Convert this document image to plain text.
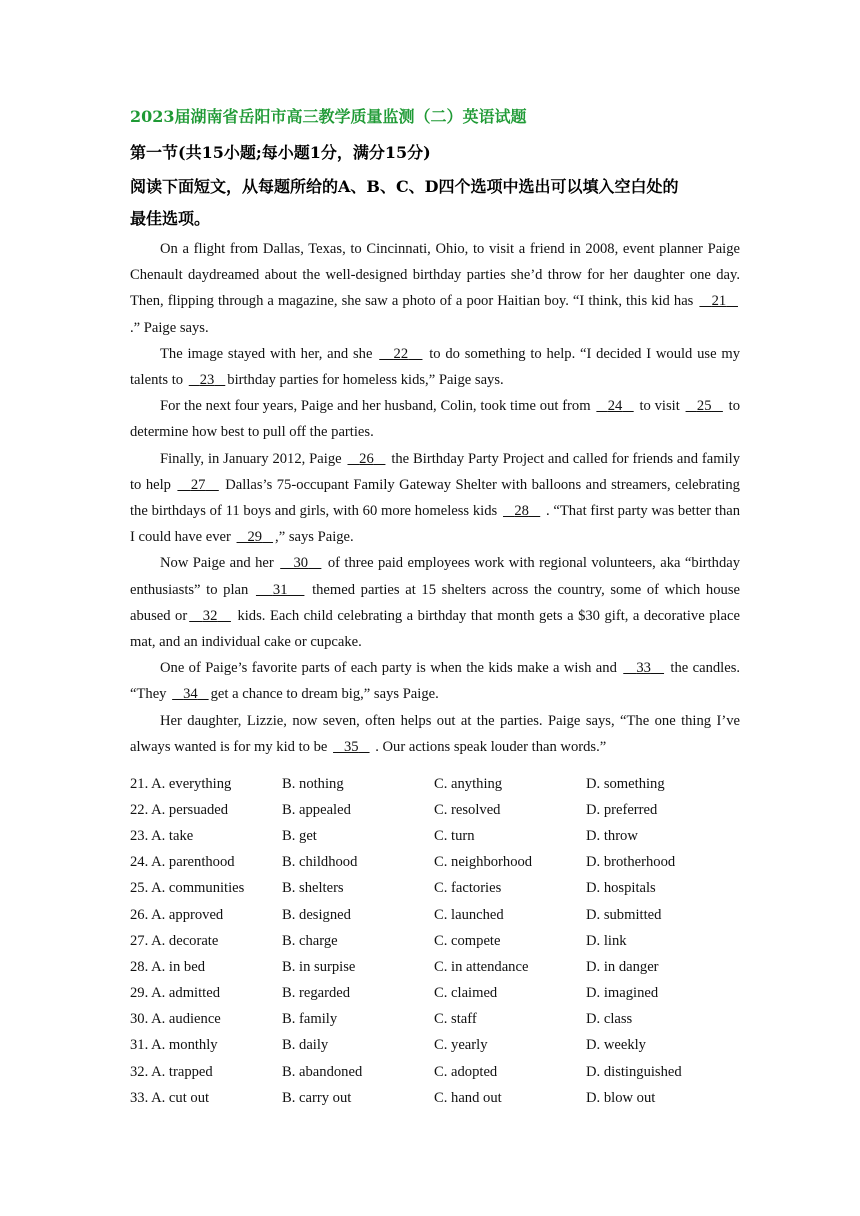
2023届湖南省岳阳市高三教学质量监测（二）英语试题
第一节(共15小题;每小题1分，满分15分)
阅读下面短文，从每题所给的A、B、C、D四个选项中选出可以填入空白处的
最佳选项。

On a flight from Dallas, Texas, to Cincinnati, Ohio, to visit a friend in 2008, event planner Paige Chenault daydreamed about the well-designed birthday parties she’d throw for her daughter one day. Then, flipping through a magazine, she saw a photo of a poor Haitian boy. “I think, this kid has 21 .” Paige says.

The image stayed with her, and she 22 to do something to help. “I decided I would use my talents to 23 birthday parties for homeless kids,” Paige says.

For the next four years, Paige and her husband, Colin, took time out from 24 to visit 25 to determine how best to pull off the parties.

Finally, in January 2012, Paige 26 the Birthday Party Project and called for friends and family to help 27 Dallas’s 75-occupant Family Gateway Shelter with balloons and streamers, celebrating the birthdays of 11 boys and girls, with 60 more homeless kids 28 . “That first party was better than I could have ever 29 ,” says Paige.

Now Paige and her 30 of three paid employees work with regional volunteers, aka “birthday enthusiasts” to plan 31 themed parties at 15 shelters across the country, some of which house abused or 32 kids. Each child celebrating a birthday that month gets a $30 gift, a decorative place mat, and an individual cake or cupcake.

One of Paige’s favorite parts of each party is when the kids make a wish and 33 the candles. “They 34 get a chance to dream big,” says Paige.

Her daughter, Lizzie, now seven, often helps out at the parties. Paige says, “The one thing I’ve always wanted is for my kid to be 35 . Our actions speak louder than words.”

21. A. everything	B. nothing	C. anything	D. something
22. A. persuaded	B. appealed	C. resolved	D. preferred
23. A. take	B. get	C. turn	D. throw
24. A. parenthood	B. childhood	C. neighborhood	D. brotherhood
25. A. communities	B. shelters	C. factories	D. hospitals
26. A. approved	B. designed	C. launched	D. submitted
27. A. decorate	B. charge	C. compete	D. link
28. A. in bed	B. in surpise	C. in attendance	D. in danger
29. A. admitted	B. regarded	C. claimed	D. imagined
30. A. audience	B. family	C. staff	D. class
31. A. monthly	B. daily	C. yearly	D. weekly
32. A. trapped	B. abandoned	C. adopted	D. distinguished
33. A. cut out	B. carry out	C. hand out	D. blow out
